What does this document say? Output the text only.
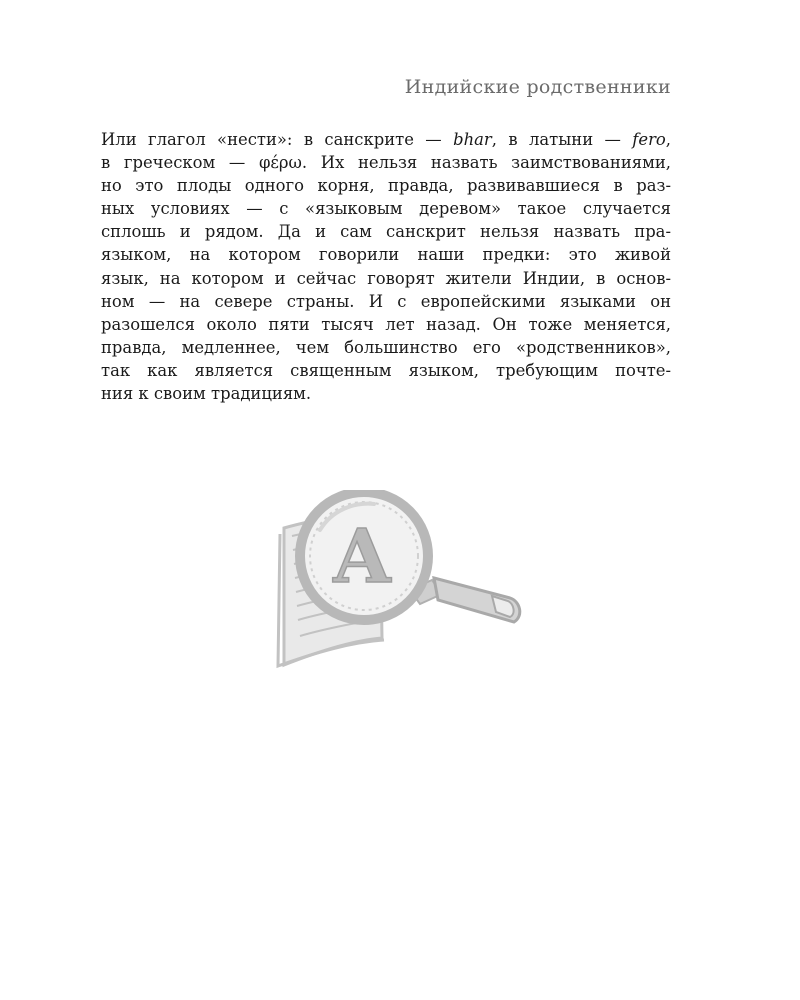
Индийские родственники
Или глагол «нести»: в санскрите — bhar, в латыни — fero,
в греческом — φέρω. Их нельзя назвать заимствованиями,
но это плоды одного корня, правда, развивавшиеся в раз-
ных условиях — с «языковым деревом» такое случается
сплошь и рядом. Да и сам санскрит нельзя назвать пра-
языком, на котором говорили наши предки: это живой
язык, на котором и сейчас говорят жители Индии, в основ-
ном — на севере страны. И с европейскими языками он
разошелся около пяти тысяч лет назад. Он тоже меняется,
правда, медленнее, чем большинство его «родственников»,
так как является священным языком, требующим почте-
ния к своим традициям.
A
